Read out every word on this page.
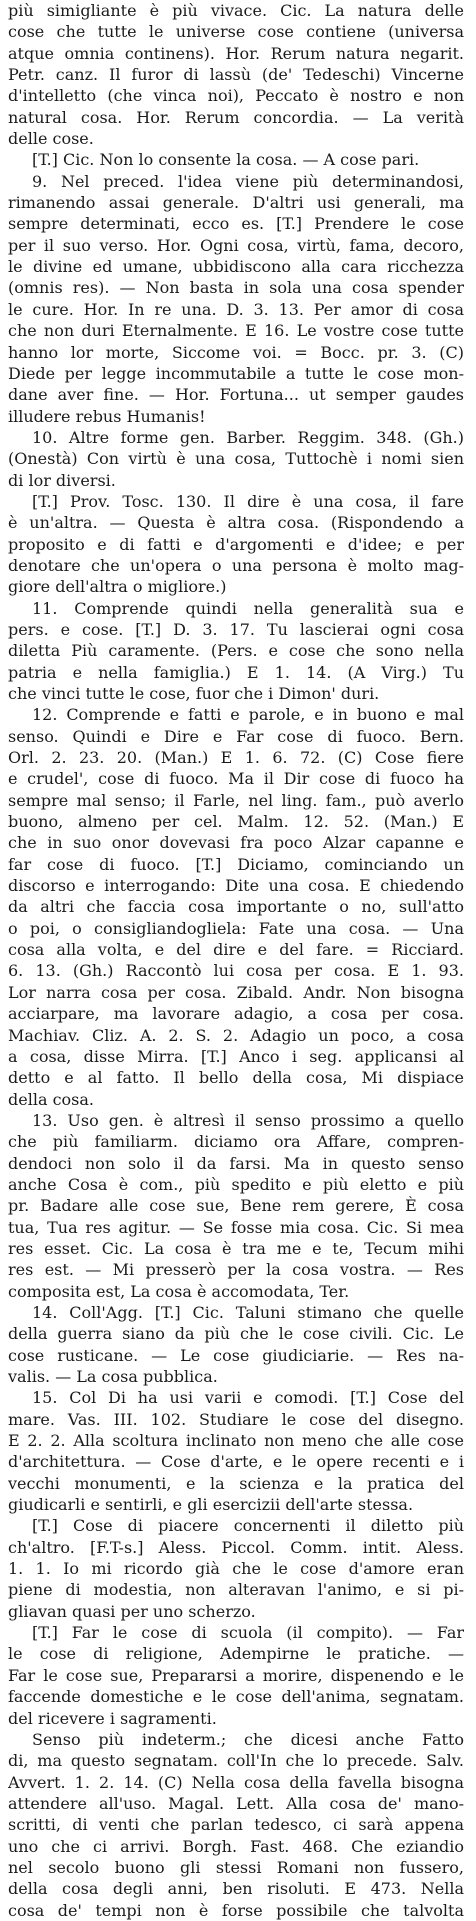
più simigliante è più vivace. Cic. La natura delle
cose che tutte le universe cose contiene (universa
atque omnia continens). Hor. Rerum natura negarit.
Petr. canz. Il furor di lassù (de' Tedeschi) Vincerne
d'intelletto (che vinca noi), Peccato è nostro e non
natural cosa. Hor. Rerum concordia. — La verità
delle cose.
[T.] Cic. Non lo consente la cosa. — A cose pari.
9. Nel preced. l'idea viene più determinandosi,
rimanendo assai generale. D'altri usi generali, ma
sempre determinati, ecco es. [T.] Prendere le cose
per il suo verso. Hor. Ogni cosa, virtù, fama, decoro,
le divine ed umane, ubbidiscono alla cara ricchezza
(omnis res). — Non basta in sola una cosa spender
le cure. Hor. In re una. D. 3. 13. Per amor di cosa
che non duri Eternalmente. E 16. Le vostre cose tutte
hanno lor morte, Siccome voi. = Bocc. pr. 3. (C)
Diede per legge incommutabile a tutte le cose mon-
dane aver fine. — Hor. Fortuna... ut semper gaudes
illudere rebus Humanis!
10. Altre forme gen. Barber. Reggim. 348. (Gh.)
(Onestà) Con virtù è una cosa, Tuttochè i nomi sien
di lor diversi.
[T.] Prov. Tosc. 130. Il dire è una cosa, il fare
è un'altra. — Questa è altra cosa. (Rispondendo a
proposito e di fatti e d'argomenti e d'idee; e per
denotare che un'opera o una persona è molto mag-
giore dell'altra o migliore.)
11. Comprende quindi nella generalità sua e
pers. e cose. [T.] D. 3. 17. Tu lascierai ogni cosa
diletta Più caramente. (Pers. e cose che sono nella
patria e nella famiglia.) E 1. 14. (A Virg.) Tu
che vinci tutte le cose, fuor che i Dimon' duri.
12. Comprende e fatti e parole, e in buono e mal
senso. Quindi e Dire e Far cose di fuoco. Bern.
Orl. 2. 23. 20. (Man.) E 1. 6. 72. (C) Cose fiere
e crudel', cose di fuoco. Ma il Dir cose di fuoco ha
sempre mal senso; il Farle, nel ling. fam., può averlo
buono, almeno per cel. Malm. 12. 52. (Man.) E
che in suo onor dovevasi fra poco Alzar capanne e
far cose di fuoco. [T.] Diciamo, cominciando un
discorso e interrogando: Dite una cosa. E chiedendo
da altri che faccia cosa importante o no, sull'atto
o poi, o consigliandogliela: Fate una cosa. — Una
cosa alla volta, e del dire e del fare. = Ricciard.
6. 13. (Gh.) Raccontò lui cosa per cosa. E 1. 93.
Lor narra cosa per cosa. Zibald. Andr. Non bisogna
acciarpare, ma lavorare adagio, a cosa per cosa.
Machiav. Cliz. A. 2. S. 2. Adagio un poco, a cosa
a cosa, disse Mirra. [T.] Anco i seg. applicansi al
detto e al fatto. Il bello della cosa, Mi dispiace
della cosa.
13. Uso gen. è altresì il senso prossimo a quello
che più familiarm. diciamo ora Affare, compren-
dendoci non solo il da farsi. Ma in questo senso
anche Cosa è com., più spedito e più eletto e più
pr. Badare alle cose sue, Bene rem gerere, È cosa
tua, Tua res agitur. — Se fosse mia cosa. Cic. Si mea
res esset. Cic. La cosa è tra me e te, Tecum mihi
res est. — Mi presserò per la cosa vostra. — Res
composita est, La cosa è accomodata, Ter.
14. Coll'Agg. [T.] Cic. Taluni stimano che quelle
della guerra siano da più che le cose civili. Cic. Le
cose rusticane. — Le cose giudiciarie. — Res na-
valis. — La cosa pubblica.
15. Col Di ha usi varii e comodi. [T.] Cose del
mare. Vas. III. 102. Studiare le cose del disegno.
E 2. 2. Alla scoltura inclinato non meno che alle cose
d'architettura. — Cose d'arte, e le opere recenti e i
vecchi monumenti, e la scienza e la pratica del
giudicarli e sentirli, e gli esercizii dell'arte stessa.
[T.] Cose di piacere concernenti il diletto più
ch'altro. [F.T-s.] Aless. Piccol. Comm. intit. Aless.
1. 1. Io mi ricordo già che le cose d'amore eran
piene di modestia, non alteravan l'animo, e si pi-
gliavan quasi per uno scherzo.
[T.] Far le cose di scuola (il compito). — Far
le cose di religione, Adempirne le pratiche. —
Far le cose sue, Prepararsi a morire, dispenendo e le
faccende domestiche e le cose dell'anima, segnatam.
del ricevere i sagramenti.
Senso più indeterm.; che dicesi anche Fatto
di, ma questo segnatam. coll'In che lo precede. Salv.
Avvert. 1. 2. 14. (C) Nella cosa della favella bisogna
attendere all'uso. Magal. Lett. Alla cosa de' mano-
scritti, di venti che parlan tedesco, ci sarà appena
uno che ci arrivi. Borgh. Fast. 468. Che eziandio
nel secolo buono gli stessi Romani non fussero,
della cosa degli anni, ben risoluti. E 473. Nella
cosa de' tempi non è forse possibile che talvolta
